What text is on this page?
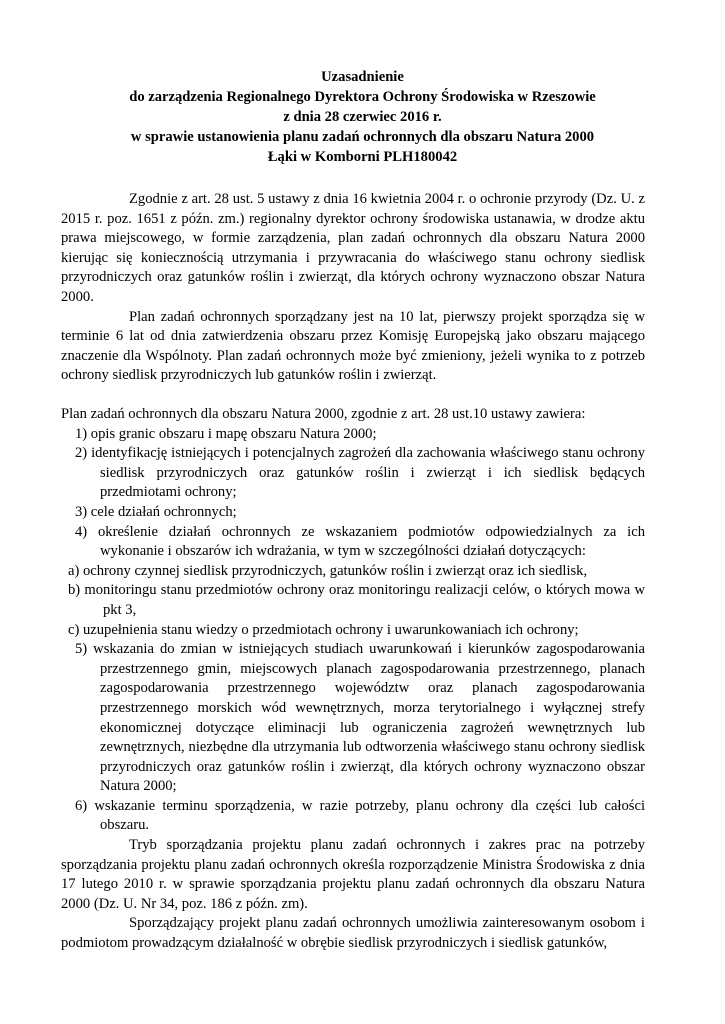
Uzasadnienie
do zarządzenia Regionalnego Dyrektora Ochrony Środowiska w Rzeszowie
z dnia 28 czerwiec 2016 r.
w sprawie ustanowienia planu zadań ochronnych dla obszaru Natura 2000
Łąki w Komborni PLH180042

Zgodnie z art. 28 ust. 5 ustawy z dnia 16 kwietnia 2004 r. o ochronie przyrody (Dz. U. z 2015 r. poz. 1651 z późn. zm.) regionalny dyrektor ochrony środowiska ustanawia, w drodze aktu prawa miejscowego, w formie zarządzenia, plan zadań ochronnych dla obszaru Natura 2000 kierując się koniecznością utrzymania i przywracania do właściwego stanu ochrony siedlisk przyrodniczych oraz gatunków roślin i zwierząt, dla których ochrony wyznaczono obszar Natura 2000.

Plan zadań ochronnych sporządzany jest na 10 lat, pierwszy projekt sporządza się w terminie 6 lat od dnia zatwierdzenia obszaru przez Komisję Europejską jako obszaru mającego znaczenie dla Wspólnoty. Plan zadań ochronnych może być zmieniony, jeżeli wynika to z potrzeb ochrony siedlisk przyrodniczych lub gatunków roślin i zwierząt.

Plan zadań ochronnych dla obszaru Natura 2000, zgodnie z art. 28 ust.10 ustawy zawiera:

1) opis granic obszaru i mapę obszaru Natura 2000;

2) identyfikację istniejących i potencjalnych zagrożeń dla zachowania właściwego stanu ochrony siedlisk przyrodniczych oraz gatunków roślin i zwierząt i ich siedlisk będących przedmiotami ochrony;

3) cele działań ochronnych;

4) określenie działań ochronnych ze wskazaniem podmiotów odpowiedzialnych za ich wykonanie i obszarów ich wdrażania, w tym w szczególności działań dotyczących:

a) ochrony czynnej siedlisk przyrodniczych, gatunków roślin i zwierząt oraz ich siedlisk,

b) monitoringu stanu przedmiotów ochrony oraz monitoringu realizacji celów, o których mowa w pkt 3,

c) uzupełnienia stanu wiedzy o przedmiotach ochrony i uwarunkowaniach ich ochrony;

5) wskazania do zmian w istniejących studiach uwarunkowań i kierunków zagospodarowania przestrzennego gmin, miejscowych planach zagospodarowania przestrzennego, planach zagospodarowania przestrzennego województw oraz planach zagospodarowania przestrzennego morskich wód wewnętrznych, morza terytorialnego i wyłącznej strefy ekonomicznej dotyczące eliminacji lub ograniczenia zagrożeń wewnętrznych lub zewnętrznych, niezbędne dla utrzymania lub odtworzenia właściwego stanu ochrony siedlisk przyrodniczych oraz gatunków roślin i zwierząt, dla których ochrony wyznaczono obszar Natura 2000;

6) wskazanie terminu sporządzenia, w razie potrzeby, planu ochrony dla części lub całości obszaru.

Tryb sporządzania projektu planu zadań ochronnych i zakres prac na potrzeby sporządzania projektu planu zadań ochronnych określa rozporządzenie Ministra Środowiska z dnia 17 lutego 2010 r. w sprawie sporządzania projektu planu zadań ochronnych dla obszaru Natura 2000 (Dz. U. Nr 34, poz. 186 z późn. zm).

Sporządzający projekt planu zadań ochronnych umożliwia zainteresowanym osobom i podmiotom prowadzącym działalność w obrębie siedlisk przyrodniczych i siedlisk gatunków,
